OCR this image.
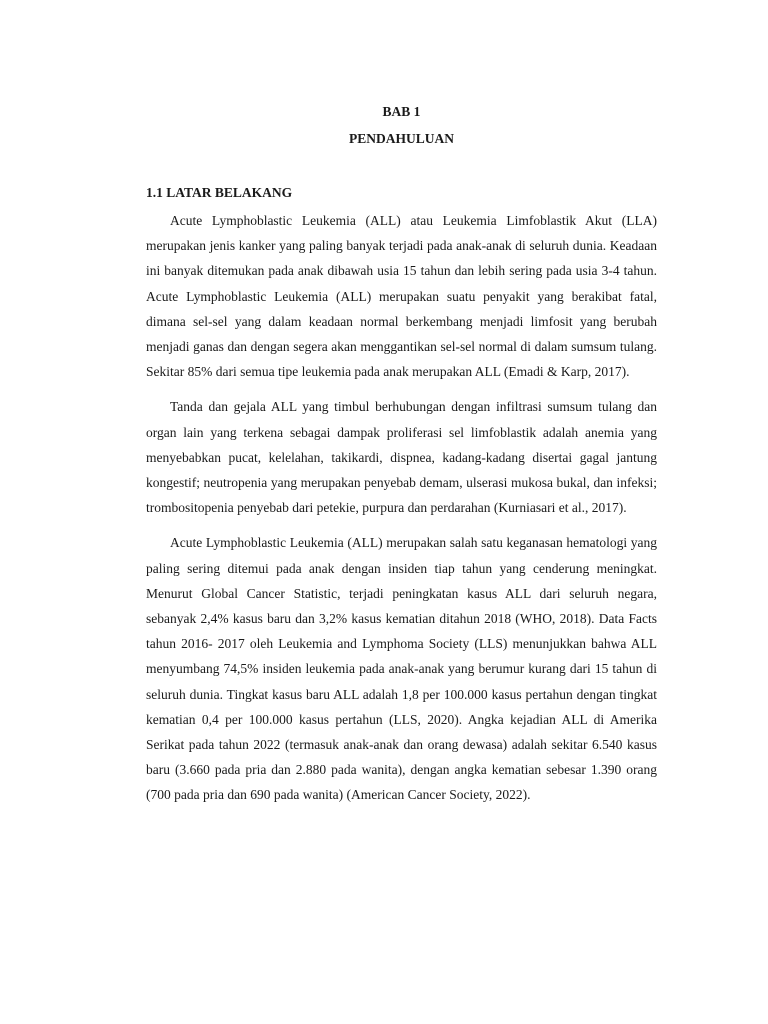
BAB 1

PENDAHULUAN

1.1 LATAR BELAKANG

Acute Lymphoblastic Leukemia (ALL) atau Leukemia Limfoblastik Akut (LLA) merupakan jenis kanker yang paling banyak terjadi pada anak-anak di seluruh dunia. Keadaan ini banyak ditemukan pada anak dibawah usia 15 tahun dan lebih sering pada usia 3-4 tahun. Acute Lymphoblastic Leukemia (ALL) merupakan suatu penyakit yang berakibat fatal, dimana sel-sel yang dalam keadaan normal berkembang menjadi limfosit yang berubah menjadi ganas dan dengan segera akan menggantikan sel-sel normal di dalam sumsum tulang. Sekitar 85% dari semua tipe leukemia pada anak merupakan ALL (Emadi & Karp, 2017).

Tanda dan gejala ALL yang timbul berhubungan dengan infiltrasi sumsum tulang dan organ lain yang terkena sebagai dampak proliferasi sel limfoblastik adalah anemia yang menyebabkan pucat, kelelahan, takikardi, dispnea, kadang-kadang disertai gagal jantung kongestif; neutropenia yang merupakan penyebab demam, ulserasi mukosa bukal, dan infeksi; trombositopenia penyebab dari petekie, purpura dan perdarahan (Kurniasari et al., 2017).

Acute Lymphoblastic Leukemia (ALL) merupakan salah satu keganasan hematologi yang paling sering ditemui pada anak dengan insiden tiap tahun yang cenderung meningkat. Menurut Global Cancer Statistic, terjadi peningkatan kasus ALL dari seluruh negara, sebanyak 2,4% kasus baru dan 3,2% kasus kematian ditahun 2018 (WHO, 2018). Data Facts tahun 2016- 2017 oleh Leukemia and Lymphoma Society (LLS) menunjukkan bahwa ALL menyumbang 74,5% insiden leukemia pada anak-anak yang berumur kurang dari 15 tahun di seluruh dunia. Tingkat kasus baru ALL adalah 1,8 per 100.000 kasus pertahun dengan tingkat kematian 0,4 per 100.000 kasus pertahun (LLS, 2020). Angka kejadian ALL di Amerika Serikat pada tahun 2022 (termasuk anak-anak dan orang dewasa) adalah sekitar 6.540 kasus baru (3.660 pada pria dan 2.880 pada wanita), dengan angka kematian sebesar 1.390 orang (700 pada pria dan 690 pada wanita) (American Cancer Society, 2022).
